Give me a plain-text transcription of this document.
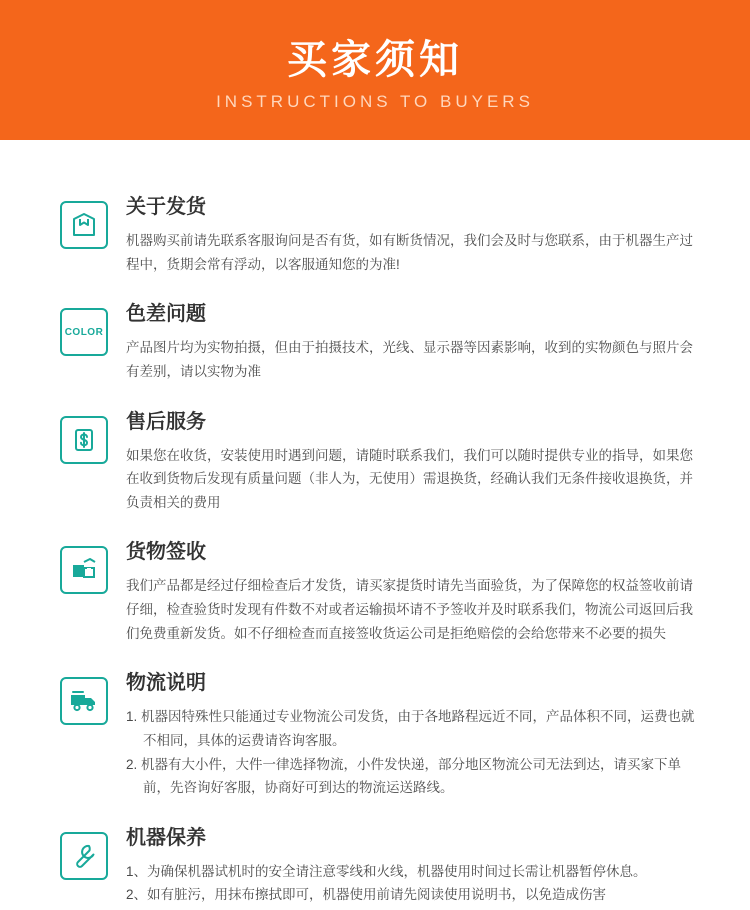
买家须知
INSTRUCTIONS TO BUYERS
关于发货

机器购买前请先联系客服询问是否有货，如有断货情况，我们会及时与您联系，由于机器生产过程中，货期会常有浮动，以客服通知您的为准!

COLOR
色差问题

产品图片均为实物拍摄，但由于拍摄技术，光线、显示器等因素影响，收到的实物颜色与照片会有差别，请以实物为准

售后服务

如果您在收货，安装使用时遇到问题，请随时联系我们，我们可以随时提供专业的指导，如果您在收到货物后发现有质量问题（非人为，无使用）需退换货，经确认我们无条件接收退换货，并负责相关的费用

货物签收

我们产品都是经过仔细检查后才发货，请买家提货时请先当面验货，为了保障您的权益签收前请仔细，检查验货时发现有件数不对或者运输损坏请不予签收并及时联系我们，物流公司返回后我们免费重新发货。如不仔细检查而直接签收货运公司是拒绝赔偿的会给您带来不必要的损失

物流说明
1. 机器因特殊性只能通过专业物流公司发货，由于各地路程远近不同，产品体积不同，运费也就不相同，具体的运费请咨询客服。
2. 机器有大小件，大件一律选择物流，小件发快递，部分地区物流公司无法到达，请买家下单前，先咨询好客服，协商好可到达的物流运送路线。
机器保养
1、为确保机器试机时的安全请注意零线和火线，机器使用时间过长需让机器暂停休息。
2、如有脏污，用抹布擦拭即可，机器使用前请先阅读使用说明书，以免造成伤害
